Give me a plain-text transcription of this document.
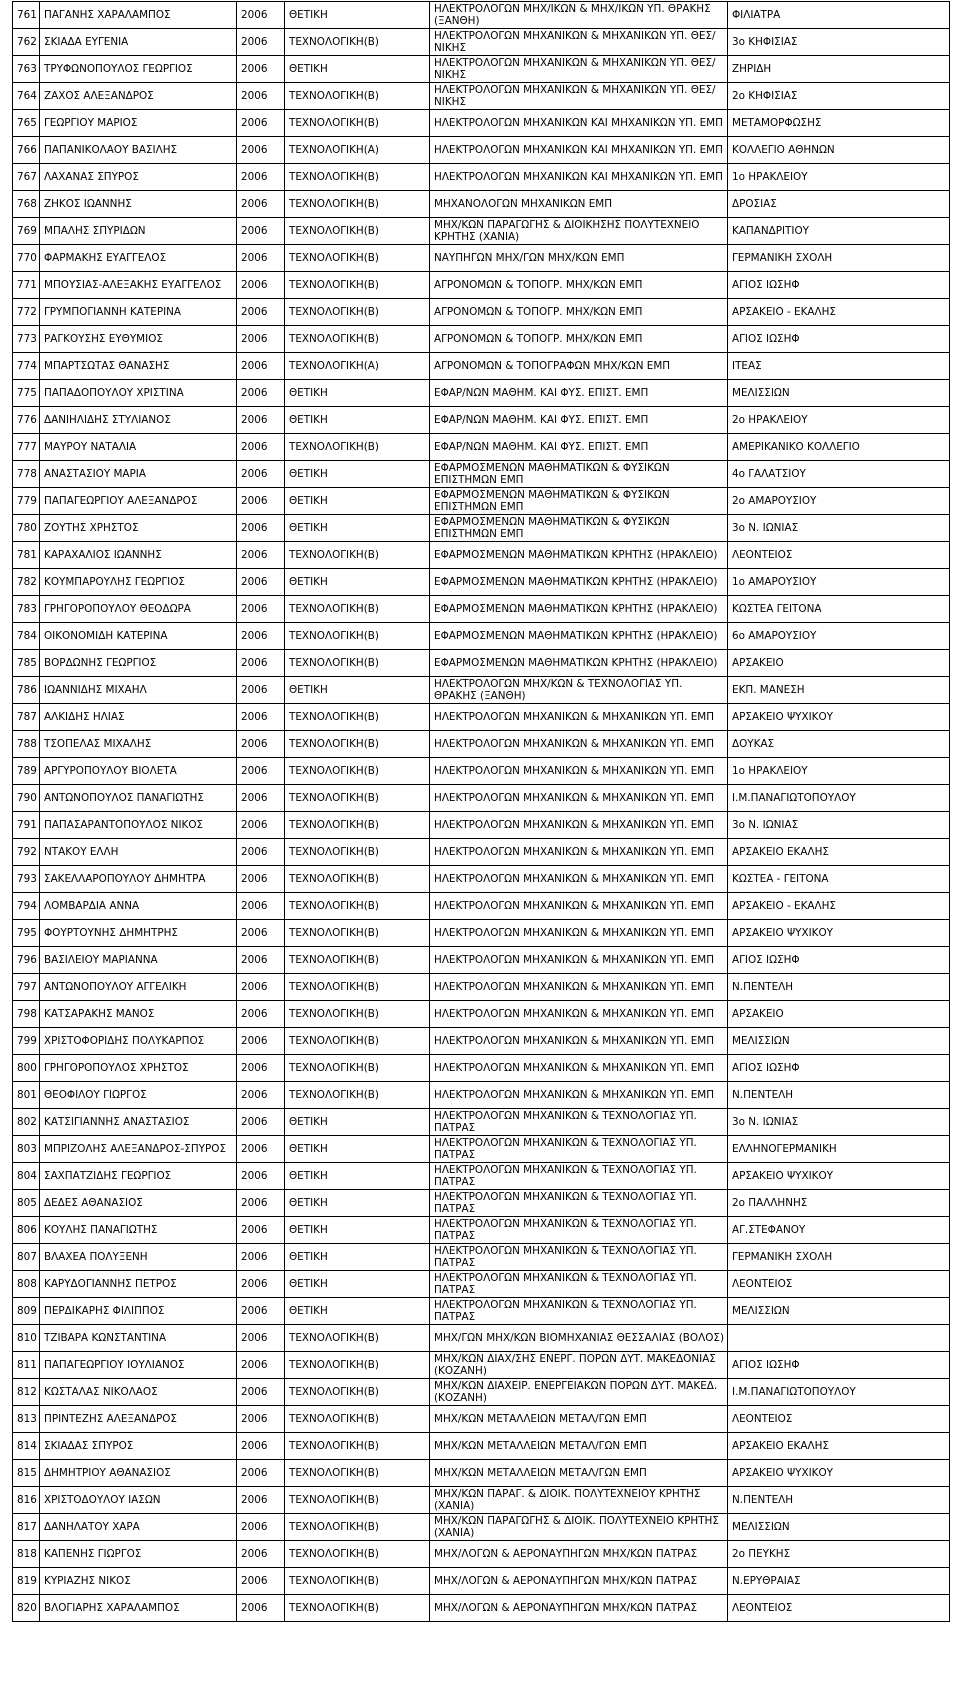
761	ΠΑΓΑΝΗΣ ΧΑΡΑΛΑΜΠΟΣ	2006	ΘΕΤΙΚΗ	ΗΛΕΚΤΡΟΛΟΓΩΝ ΜΗΧ/ΙΚΩΝ & ΜΗΧ/ΙΚΩΝ ΥΠ. ΘΡΑΚΗΣ (ΞΑΝΘΗ)	ΦΙΛΙΑΤΡΑ
762	ΣΚΙΑΔΑ ΕΥΓΕΝΙΑ	2006	ΤΕΧΝΟΛΟΓΙΚΗ(Β)	ΗΛΕΚΤΡΟΛΟΓΩΝ ΜΗΧΑΝΙΚΩΝ & ΜΗΧΑΝΙΚΩΝ ΥΠ. ΘΕΣ/ΝΙΚΗΣ	3ο ΚΗΦΙΣΙΑΣ
763	ΤΡΥΦΩΝΟΠΟΥΛΟΣ ΓΕΩΡΓΙΟΣ	2006	ΘΕΤΙΚΗ	ΗΛΕΚΤΡΟΛΟΓΩΝ ΜΗΧΑΝΙΚΩΝ & ΜΗΧΑΝΙΚΩΝ ΥΠ. ΘΕΣ/ΝΙΚΗΣ	ΖΗΡΙΔΗ
764	ΖΑΧΟΣ ΑΛΕΞΑΝΔΡΟΣ	2006	ΤΕΧΝΟΛΟΓΙΚΗ(Β)	ΗΛΕΚΤΡΟΛΟΓΩΝ ΜΗΧΑΝΙΚΩΝ & ΜΗΧΑΝΙΚΩΝ ΥΠ. ΘΕΣ/ΝΙΚΗΣ	2ο ΚΗΦΙΣΙΑΣ
765	ΓΕΩΡΓΙΟΥ ΜΑΡΙΟΣ	2006	ΤΕΧΝΟΛΟΓΙΚΗ(Β)	ΗΛΕΚΤΡΟΛΟΓΩΝ ΜΗΧΑΝΙΚΩΝ ΚΑΙ ΜΗΧΑΝΙΚΩΝ ΥΠ. ΕΜΠ	ΜΕΤΑΜΟΡΦΩΣΗΣ
766	ΠΑΠΑΝΙΚΟΛΑΟΥ ΒΑΣΙΛΗΣ	2006	ΤΕΧΝΟΛΟΓΙΚΗ(Α)	ΗΛΕΚΤΡΟΛΟΓΩΝ ΜΗΧΑΝΙΚΩΝ ΚΑΙ ΜΗΧΑΝΙΚΩΝ ΥΠ. ΕΜΠ	ΚΟΛΛΕΓΙΟ ΑΘΗΝΩΝ
767	ΛΑΧΑΝΑΣ ΣΠΥΡΟΣ	2006	ΤΕΧΝΟΛΟΓΙΚΗ(Β)	ΗΛΕΚΤΡΟΛΟΓΩΝ ΜΗΧΑΝΙΚΩΝ ΚΑΙ ΜΗΧΑΝΙΚΩΝ ΥΠ. ΕΜΠ	1ο ΗΡΑΚΛΕΙΟΥ
768	ΖΗΚΟΣ ΙΩΑΝΝΗΣ	2006	ΤΕΧΝΟΛΟΓΙΚΗ(Β)	ΜΗΧΑΝΟΛΟΓΩΝ ΜΗΧΑΝΙΚΩΝ ΕΜΠ	ΔΡΟΣΙΑΣ
769	ΜΠΑΛΗΣ ΣΠΥΡΙΔΩΝ	2006	ΤΕΧΝΟΛΟΓΙΚΗ(Β)	ΜΗΧ/ΚΩΝ ΠΑΡΑΓΩΓΗΣ & ΔΙΟΙΚΗΣΗΣ ΠΟΛΥΤΕΧΝΕΙΟ ΚΡΗΤΗΣ (ΧΑΝΙΑ)	ΚΑΠΑΝΔΡΙΤΙΟΥ
770	ΦΑΡΜΑΚΗΣ ΕΥΑΓΓΕΛΟΣ	2006	ΤΕΧΝΟΛΟΓΙΚΗ(Β)	ΝΑΥΠΗΓΩΝ ΜΗΧ/ΓΩΝ ΜΗΧ/ΚΩΝ ΕΜΠ	ΓΕΡΜΑΝΙΚΗ ΣΧΟΛΗ
771	ΜΠΟΥΣΙΑΣ-ΑΛΕΞΑΚΗΣ ΕΥΑΓΓΕΛΟΣ	2006	ΤΕΧΝΟΛΟΓΙΚΗ(Β)	ΑΓΡΟΝΟΜΩΝ & ΤΟΠΟΓΡ. ΜΗΧ/ΚΩΝ ΕΜΠ	ΑΓΙΟΣ ΙΩΣΗΦ
772	ΓΡΥΜΠΟΓΙΑΝΝΗ ΚΑΤΕΡΙΝΑ	2006	ΤΕΧΝΟΛΟΓΙΚΗ(Β)	ΑΓΡΟΝΟΜΩΝ & ΤΟΠΟΓΡ. ΜΗΧ/ΚΩΝ ΕΜΠ	ΑΡΣΑΚΕΙΟ - ΕΚΑΛΗΣ
773	ΡΑΓΚΟΥΣΗΣ ΕΥΘΥΜΙΟΣ	2006	ΤΕΧΝΟΛΟΓΙΚΗ(Β)	ΑΓΡΟΝΟΜΩΝ & ΤΟΠΟΓΡ. ΜΗΧ/ΚΩΝ ΕΜΠ	ΑΓΙΟΣ ΙΩΣΗΦ
774	ΜΠΑΡΤΣΩΤΑΣ ΘΑΝΑΣΗΣ	2006	ΤΕΧΝΟΛΟΓΙΚΗ(Α)	ΑΓΡΟΝΟΜΩΝ & ΤΟΠΟΓΡΑΦΩΝ ΜΗΧ/ΚΩΝ ΕΜΠ	ΙΤΕΑΣ
775	ΠΑΠΑΔΟΠΟΥΛΟΥ ΧΡΙΣΤΙΝΑ	2006	ΘΕΤΙΚΗ	ΕΦΑΡ/ΝΩΝ ΜΑΘΗΜ. ΚΑΙ ΦΥΣ. ΕΠΙΣΤ. ΕΜΠ	ΜΕΛΙΣΣΙΩΝ
776	ΔΑΝΙΗΛΙΔΗΣ ΣΤΥΛΙΑΝΟΣ	2006	ΘΕΤΙΚΗ	ΕΦΑΡ/ΝΩΝ ΜΑΘΗΜ. ΚΑΙ ΦΥΣ. ΕΠΙΣΤ. ΕΜΠ	2ο ΗΡΑΚΛΕΙΟΥ
777	ΜΑΥΡΟΥ ΝΑΤΑΛΙΑ	2006	ΤΕΧΝΟΛΟΓΙΚΗ(Β)	ΕΦΑΡ/ΝΩΝ ΜΑΘΗΜ. ΚΑΙ ΦΥΣ. ΕΠΙΣΤ. ΕΜΠ	ΑΜΕΡΙΚΑΝΙΚΟ ΚΟΛΛΕΓΙΟ
778	ΑΝΑΣΤΑΣΙΟΥ ΜΑΡΙΑ	2006	ΘΕΤΙΚΗ	ΕΦΑΡΜΟΣΜΕΝΩΝ ΜΑΘΗΜΑΤΙΚΩΝ & ΦΥΣΙΚΩΝ ΕΠΙΣΤΗΜΩΝ ΕΜΠ	4ο ΓΑΛΑΤΣΙΟΥ
779	ΠΑΠΑΓΕΩΡΓΙΟΥ ΑΛΕΞΑΝΔΡΟΣ	2006	ΘΕΤΙΚΗ	ΕΦΑΡΜΟΣΜΕΝΩΝ ΜΑΘΗΜΑΤΙΚΩΝ & ΦΥΣΙΚΩΝ ΕΠΙΣΤΗΜΩΝ ΕΜΠ	2ο ΑΜΑΡΟΥΣΙΟΥ
780	ΖΟΥΤΗΣ ΧΡΗΣΤΟΣ	2006	ΘΕΤΙΚΗ	ΕΦΑΡΜΟΣΜΕΝΩΝ ΜΑΘΗΜΑΤΙΚΩΝ & ΦΥΣΙΚΩΝ ΕΠΙΣΤΗΜΩΝ ΕΜΠ	3ο Ν. ΙΩΝΙΑΣ
781	ΚΑΡΑΧΑΛΙΟΣ ΙΩΑΝΝΗΣ	2006	ΤΕΧΝΟΛΟΓΙΚΗ(Β)	ΕΦΑΡΜΟΣΜΕΝΩΝ ΜΑΘΗΜΑΤΙΚΩΝ ΚΡΗΤΗΣ (ΗΡΑΚΛΕΙΟ)	ΛΕΟΝΤΕΙΟΣ
782	ΚΟΥΜΠΑΡΟΥΛΗΣ ΓΕΩΡΓΙΟΣ	2006	ΘΕΤΙΚΗ	ΕΦΑΡΜΟΣΜΕΝΩΝ ΜΑΘΗΜΑΤΙΚΩΝ ΚΡΗΤΗΣ (ΗΡΑΚΛΕΙΟ)	1ο ΑΜΑΡΟΥΣΙΟΥ
783	ΓΡΗΓΟΡΟΠΟΥΛΟΥ ΘΕΟΔΩΡΑ	2006	ΤΕΧΝΟΛΟΓΙΚΗ(Β)	ΕΦΑΡΜΟΣΜΕΝΩΝ ΜΑΘΗΜΑΤΙΚΩΝ ΚΡΗΤΗΣ (ΗΡΑΚΛΕΙΟ)	ΚΩΣΤΕΑ ΓΕΙΤΟΝΑ
784	ΟΙΚΟΝΟΜΙΔΗ ΚΑΤΕΡΙΝΑ	2006	ΤΕΧΝΟΛΟΓΙΚΗ(Β)	ΕΦΑΡΜΟΣΜΕΝΩΝ ΜΑΘΗΜΑΤΙΚΩΝ ΚΡΗΤΗΣ (ΗΡΑΚΛΕΙΟ)	6ο ΑΜΑΡΟΥΣΙΟΥ
785	ΒΟΡΔΩΝΗΣ ΓΕΩΡΓΙΟΣ	2006	ΤΕΧΝΟΛΟΓΙΚΗ(Β)	ΕΦΑΡΜΟΣΜΕΝΩΝ ΜΑΘΗΜΑΤΙΚΩΝ ΚΡΗΤΗΣ (ΗΡΑΚΛΕΙΟ)	ΑΡΣΑΚΕΙΟ
786	ΙΩΑΝΝΙΔΗΣ ΜΙΧΑΗΛ	2006	ΘΕΤΙΚΗ	ΗΛΕΚΤΡΟΛΟΓΩΝ ΜΗΧ/ΚΩΝ & ΤΕΧΝΟΛΟΓΙΑΣ ΥΠ. ΘΡΑΚΗΣ (ΞΑΝΘΗ)	ΕΚΠ. ΜΑΝΕΣΗ
787	ΑΛΚΙΔΗΣ ΗΛΙΑΣ	2006	ΤΕΧΝΟΛΟΓΙΚΗ(Β)	ΗΛΕΚΤΡΟΛΟΓΩΝ ΜΗΧΑΝΙΚΩΝ & ΜΗΧΑΝΙΚΩΝ ΥΠ. ΕΜΠ	ΑΡΣΑΚΕΙΟ ΨΥΧΙΚΟΥ
788	ΤΣΟΠΕΛΑΣ ΜΙΧΑΛΗΣ	2006	ΤΕΧΝΟΛΟΓΙΚΗ(Β)	ΗΛΕΚΤΡΟΛΟΓΩΝ ΜΗΧΑΝΙΚΩΝ & ΜΗΧΑΝΙΚΩΝ ΥΠ. ΕΜΠ	ΔΟΥΚΑΣ
789	ΑΡΓΥΡΟΠΟΥΛΟΥ ΒΙΟΛΕΤΑ	2006	ΤΕΧΝΟΛΟΓΙΚΗ(Β)	ΗΛΕΚΤΡΟΛΟΓΩΝ ΜΗΧΑΝΙΚΩΝ & ΜΗΧΑΝΙΚΩΝ ΥΠ. ΕΜΠ	1ο ΗΡΑΚΛΕΙΟΥ
790	ΑΝΤΩΝΟΠΟΥΛΟΣ ΠΑΝΑΓΙΩΤΗΣ	2006	ΤΕΧΝΟΛΟΓΙΚΗ(Β)	ΗΛΕΚΤΡΟΛΟΓΩΝ ΜΗΧΑΝΙΚΩΝ & ΜΗΧΑΝΙΚΩΝ ΥΠ. ΕΜΠ	Ι.Μ.ΠΑΝΑΓΙΩΤΟΠΟΥΛΟΥ
791	ΠΑΠΑΣΑΡΑΝΤΟΠΟΥΛΟΣ ΝΙΚΟΣ	2006	ΤΕΧΝΟΛΟΓΙΚΗ(Β)	ΗΛΕΚΤΡΟΛΟΓΩΝ ΜΗΧΑΝΙΚΩΝ & ΜΗΧΑΝΙΚΩΝ ΥΠ. ΕΜΠ	3ο Ν. ΙΩΝΙΑΣ
792	ΝΤΑΚΟΥ ΕΛΛΗ	2006	ΤΕΧΝΟΛΟΓΙΚΗ(Β)	ΗΛΕΚΤΡΟΛΟΓΩΝ ΜΗΧΑΝΙΚΩΝ & ΜΗΧΑΝΙΚΩΝ ΥΠ. ΕΜΠ	ΑΡΣΑΚΕΙΟ ΕΚΑΛΗΣ
793	ΣΑΚΕΛΛΑΡΟΠΟΥΛΟΥ ΔΗΜΗΤΡΑ	2006	ΤΕΧΝΟΛΟΓΙΚΗ(Β)	ΗΛΕΚΤΡΟΛΟΓΩΝ ΜΗΧΑΝΙΚΩΝ & ΜΗΧΑΝΙΚΩΝ ΥΠ. ΕΜΠ	ΚΩΣΤΕΑ - ΓΕΙΤΟΝΑ
794	ΛΟΜΒΑΡΔΙΑ ΑΝΝΑ	2006	ΤΕΧΝΟΛΟΓΙΚΗ(Β)	ΗΛΕΚΤΡΟΛΟΓΩΝ ΜΗΧΑΝΙΚΩΝ & ΜΗΧΑΝΙΚΩΝ ΥΠ. ΕΜΠ	ΑΡΣΑΚΕΙΟ - ΕΚΑΛΗΣ
795	ΦΟΥΡΤΟΥΝΗΣ ΔΗΜΗΤΡΗΣ	2006	ΤΕΧΝΟΛΟΓΙΚΗ(Β)	ΗΛΕΚΤΡΟΛΟΓΩΝ ΜΗΧΑΝΙΚΩΝ & ΜΗΧΑΝΙΚΩΝ ΥΠ. ΕΜΠ	ΑΡΣΑΚΕΙΟ ΨΥΧΙΚΟΥ
796	ΒΑΣΙΛΕΙΟΥ ΜΑΡΙΑΝΝΑ	2006	ΤΕΧΝΟΛΟΓΙΚΗ(Β)	ΗΛΕΚΤΡΟΛΟΓΩΝ ΜΗΧΑΝΙΚΩΝ & ΜΗΧΑΝΙΚΩΝ ΥΠ. ΕΜΠ	ΑΓΙΟΣ ΙΩΣΗΦ
797	ΑΝΤΩΝΟΠΟΥΛΟΥ ΑΓΓΕΛΙΚΗ	2006	ΤΕΧΝΟΛΟΓΙΚΗ(Β)	ΗΛΕΚΤΡΟΛΟΓΩΝ ΜΗΧΑΝΙΚΩΝ & ΜΗΧΑΝΙΚΩΝ ΥΠ. ΕΜΠ	Ν.ΠΕΝΤΕΛΗ
798	ΚΑΤΣΑΡΑΚΗΣ ΜΑΝΟΣ	2006	ΤΕΧΝΟΛΟΓΙΚΗ(Β)	ΗΛΕΚΤΡΟΛΟΓΩΝ ΜΗΧΑΝΙΚΩΝ & ΜΗΧΑΝΙΚΩΝ ΥΠ. ΕΜΠ	ΑΡΣΑΚΕΙΟ
799	ΧΡΙΣΤΟΦΟΡΙΔΗΣ ΠΟΛΥΚΑΡΠΟΣ	2006	ΤΕΧΝΟΛΟΓΙΚΗ(Β)	ΗΛΕΚΤΡΟΛΟΓΩΝ ΜΗΧΑΝΙΚΩΝ & ΜΗΧΑΝΙΚΩΝ ΥΠ. ΕΜΠ	ΜΕΛΙΣΣΙΩΝ
800	ΓΡΗΓΟΡΟΠΟΥΛΟΣ ΧΡΗΣΤΟΣ	2006	ΤΕΧΝΟΛΟΓΙΚΗ(Β)	ΗΛΕΚΤΡΟΛΟΓΩΝ ΜΗΧΑΝΙΚΩΝ & ΜΗΧΑΝΙΚΩΝ ΥΠ. ΕΜΠ	ΑΓΙΟΣ ΙΩΣΗΦ
801	ΘΕΟΦΙΛΟΥ ΓΙΩΡΓΟΣ	2006	ΤΕΧΝΟΛΟΓΙΚΗ(Β)	ΗΛΕΚΤΡΟΛΟΓΩΝ ΜΗΧΑΝΙΚΩΝ & ΜΗΧΑΝΙΚΩΝ ΥΠ. ΕΜΠ	Ν.ΠΕΝΤΕΛΗ
802	ΚΑΤΣΙΓΙΑΝΝΗΣ ΑΝΑΣΤΑΣΙΟΣ	2006	ΘΕΤΙΚΗ	ΗΛΕΚΤΡΟΛΟΓΩΝ ΜΗΧΑΝΙΚΩΝ & ΤΕΧΝΟΛΟΓΙΑΣ ΥΠ. ΠΑΤΡΑΣ	3ο Ν. ΙΩΝΙΑΣ
803	ΜΠΡΙΖΟΛΗΣ ΑΛΕΞΑΝΔΡΟΣ-ΣΠΥΡΟΣ	2006	ΘΕΤΙΚΗ	ΗΛΕΚΤΡΟΛΟΓΩΝ ΜΗΧΑΝΙΚΩΝ & ΤΕΧΝΟΛΟΓΙΑΣ ΥΠ. ΠΑΤΡΑΣ	ΕΛΛΗΝΟΓΕΡΜΑΝΙΚΗ
804	ΣΑΧΠΑΤΖΙΔΗΣ ΓΕΩΡΓΙΟΣ	2006	ΘΕΤΙΚΗ	ΗΛΕΚΤΡΟΛΟΓΩΝ ΜΗΧΑΝΙΚΩΝ & ΤΕΧΝΟΛΟΓΙΑΣ ΥΠ. ΠΑΤΡΑΣ	ΑΡΣΑΚΕΙΟ ΨΥΧΙΚΟΥ
805	ΔΕΔΕΣ ΑΘΑΝΑΣΙΟΣ	2006	ΘΕΤΙΚΗ	ΗΛΕΚΤΡΟΛΟΓΩΝ ΜΗΧΑΝΙΚΩΝ & ΤΕΧΝΟΛΟΓΙΑΣ ΥΠ. ΠΑΤΡΑΣ	2ο ΠΑΛΛΗΝΗΣ
806	ΚΟΥΛΗΣ ΠΑΝΑΓΙΩΤΗΣ	2006	ΘΕΤΙΚΗ	ΗΛΕΚΤΡΟΛΟΓΩΝ ΜΗΧΑΝΙΚΩΝ & ΤΕΧΝΟΛΟΓΙΑΣ ΥΠ. ΠΑΤΡΑΣ	ΑΓ.ΣΤΕΦΑΝΟΥ
807	ΒΛΑΧΕΑ ΠΟΛΥΞΕΝΗ	2006	ΘΕΤΙΚΗ	ΗΛΕΚΤΡΟΛΟΓΩΝ ΜΗΧΑΝΙΚΩΝ & ΤΕΧΝΟΛΟΓΙΑΣ ΥΠ. ΠΑΤΡΑΣ	ΓΕΡΜΑΝΙΚΗ ΣΧΟΛΗ
808	ΚΑΡΥΔΟΓΙΑΝΝΗΣ ΠΕΤΡΟΣ	2006	ΘΕΤΙΚΗ	ΗΛΕΚΤΡΟΛΟΓΩΝ ΜΗΧΑΝΙΚΩΝ & ΤΕΧΝΟΛΟΓΙΑΣ ΥΠ. ΠΑΤΡΑΣ	ΛΕΟΝΤΕΙΟΣ
809	ΠΕΡΔΙΚΑΡΗΣ ΦΙΛΙΠΠΟΣ	2006	ΘΕΤΙΚΗ	ΗΛΕΚΤΡΟΛΟΓΩΝ ΜΗΧΑΝΙΚΩΝ & ΤΕΧΝΟΛΟΓΙΑΣ ΥΠ. ΠΑΤΡΑΣ	ΜΕΛΙΣΣΙΩΝ
810	ΤΖΙΒΑΡΑ ΚΩΝΣΤΑΝΤΙΝΑ	2006	ΤΕΧΝΟΛΟΓΙΚΗ(Β)	ΜΗΧ/ΓΩΝ ΜΗΧ/ΚΩΝ ΒΙΟΜΗΧΑΝΙΑΣ ΘΕΣΣΑΛΙΑΣ (ΒΟΛΟΣ)	
811	ΠΑΠΑΓΕΩΡΓΙΟΥ ΙΟΥΛΙΑΝΟΣ	2006	ΤΕΧΝΟΛΟΓΙΚΗ(Β)	ΜΗΧ/ΚΩΝ ΔΙΑΧ/ΣΗΣ ΕΝΕΡΓ. ΠΟΡΩΝ ΔΥΤ. ΜΑΚΕΔΟΝΙΑΣ (ΚΟΖΑΝΗ)	ΑΓΙΟΣ ΙΩΣΗΦ
812	ΚΩΣΤΑΛΑΣ ΝΙΚΟΛΑΟΣ	2006	ΤΕΧΝΟΛΟΓΙΚΗ(Β)	ΜΗΧ/ΚΩΝ ΔΙΑΧΕΙΡ. ΕΝΕΡΓΕΙΑΚΩΝ ΠΟΡΩΝ ΔΥΤ. ΜΑΚΕΔ. (ΚΟΖΑΝΗ)	Ι.Μ.ΠΑΝΑΓΙΩΤΟΠΟΥΛΟΥ
813	ΠΡΙΝΤΕΖΗΣ ΑΛΕΞΑΝΔΡΟΣ	2006	ΤΕΧΝΟΛΟΓΙΚΗ(Β)	ΜΗΧ/ΚΩΝ ΜΕΤΑΛΛΕΙΩΝ ΜΕΤΑΛ/ΓΩΝ ΕΜΠ	ΛΕΟΝΤΕΙΟΣ
814	ΣΚΙΑΔΑΣ ΣΠΥΡΟΣ	2006	ΤΕΧΝΟΛΟΓΙΚΗ(Β)	ΜΗΧ/ΚΩΝ ΜΕΤΑΛΛΕΙΩΝ ΜΕΤΑΛ/ΓΩΝ ΕΜΠ	ΑΡΣΑΚΕΙΟ ΕΚΑΛΗΣ
815	ΔΗΜΗΤΡΙΟΥ ΑΘΑΝΑΣΙΟΣ	2006	ΤΕΧΝΟΛΟΓΙΚΗ(Β)	ΜΗΧ/ΚΩΝ ΜΕΤΑΛΛΕΙΩΝ ΜΕΤΑΛ/ΓΩΝ ΕΜΠ	ΑΡΣΑΚΕΙΟ ΨΥΧΙΚΟΥ
816	ΧΡΙΣΤΟΔΟΥΛΟΥ ΙΑΣΩΝ	2006	ΤΕΧΝΟΛΟΓΙΚΗ(Β)	ΜΗΧ/ΚΩΝ ΠΑΡΑΓ. & ΔΙΟΙΚ. ΠΟΛΥΤΕΧΝΕΙΟΥ ΚΡΗΤΗΣ (ΧΑΝΙΑ)	Ν.ΠΕΝΤΕΛΗ
817	ΔΑΝΗΛΑΤΟΥ ΧΑΡΑ	2006	ΤΕΧΝΟΛΟΓΙΚΗ(Β)	ΜΗΧ/ΚΩΝ ΠΑΡΑΓΩΓΗΣ & ΔΙΟΙΚ. ΠΟΛΥΤΕΧΝΕΙΟ ΚΡΗΤΗΣ (ΧΑΝΙΑ)	ΜΕΛΙΣΣΙΩΝ
818	ΚΑΠΕΝΗΣ ΓΙΩΡΓΟΣ	2006	ΤΕΧΝΟΛΟΓΙΚΗ(Β)	ΜΗΧ/ΛΟΓΩΝ & ΑΕΡΟΝΑΥΠΗΓΩΝ ΜΗΧ/ΚΩΝ ΠΑΤΡΑΣ	2ο ΠΕΥΚΗΣ
819	ΚΥΡΙΑΖΗΣ ΝΙΚΟΣ	2006	ΤΕΧΝΟΛΟΓΙΚΗ(Β)	ΜΗΧ/ΛΟΓΩΝ & ΑΕΡΟΝΑΥΠΗΓΩΝ ΜΗΧ/ΚΩΝ ΠΑΤΡΑΣ	Ν.ΕΡΥΘΡΑΙΑΣ
820	ΒΛΟΓΙΑΡΗΣ ΧΑΡΑΛΑΜΠΟΣ	2006	ΤΕΧΝΟΛΟΓΙΚΗ(Β)	ΜΗΧ/ΛΟΓΩΝ & ΑΕΡΟΝΑΥΠΗΓΩΝ ΜΗΧ/ΚΩΝ ΠΑΤΡΑΣ	ΛΕΟΝΤΕΙΟΣ
